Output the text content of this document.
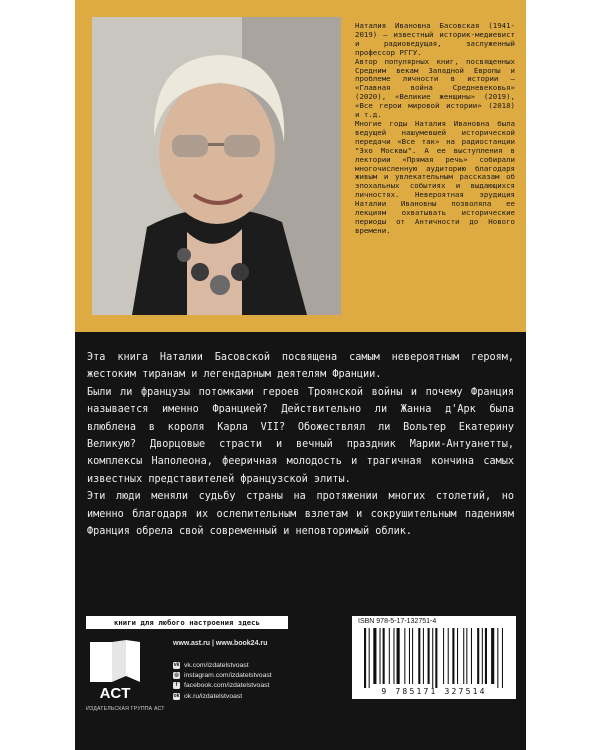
Наталия Ивановна Басовская (1941-2019) — известный историк-медиевист и радиоведущая, заслуженный профессор РГГУ.

Автор популярных книг, посвященных Средним векам Западной Европы и проблеме личности в истории — «Главная война Средневековья» (2020), «Великие женщины» (2019), «Все герои мировой истории» (2018) и т.д.

Многие годы Наталия Ивановна была ведущей нашумевшей исторической передачи «Все так» на радиостанции "Эхо Москвы". А ее выступления в лектории «Прямая речь» собирали многочисленную аудиторию благодаря живым и увлекательным рассказам об эпохальных событиях и выдающихся личностях. Невероятная эрудиция Наталии Ивановны позволяла ее лекциям охватывать исторические периоды от Античности до Нового времени.

Эта книга Наталии Басовской посвящена самым невероятным героям, жестоким тиранам и легендарным деятелям Франции.

Были ли французы потомками героев Троянской войны и почему Франция называется именно Францией? Действительно ли Жанна д'Арк была влюблена в короля Карла VII? Обожествлял ли Вольтер Екатерину Великую? Дворцовые страсти и вечный праздник Марии-Антуанетты, комплексы Наполеона, фееричная молодость и трагичная кончина самых известных представителей французской элиты.

Эти люди меняли судьбу страны на протяжении многих столетий, но именно благодаря их ослепительным взлетам и сокрушительным падениям Франция обрела свой современный и неповторимый облик.

книги для любого настроения здесь
ACT
ИЗДАТЕЛЬСКАЯ ГРУППА АСТ
www.ast.ru | www.book24.ru
vk vk.com/izdatelstvoast
◎ instagram.com/izdatelstvoast
f facebook.com/izdatelstvoast
ok ok.ru/izdatelstvoast
ISBN 978-5-17-132751-4
9 785171 327514
